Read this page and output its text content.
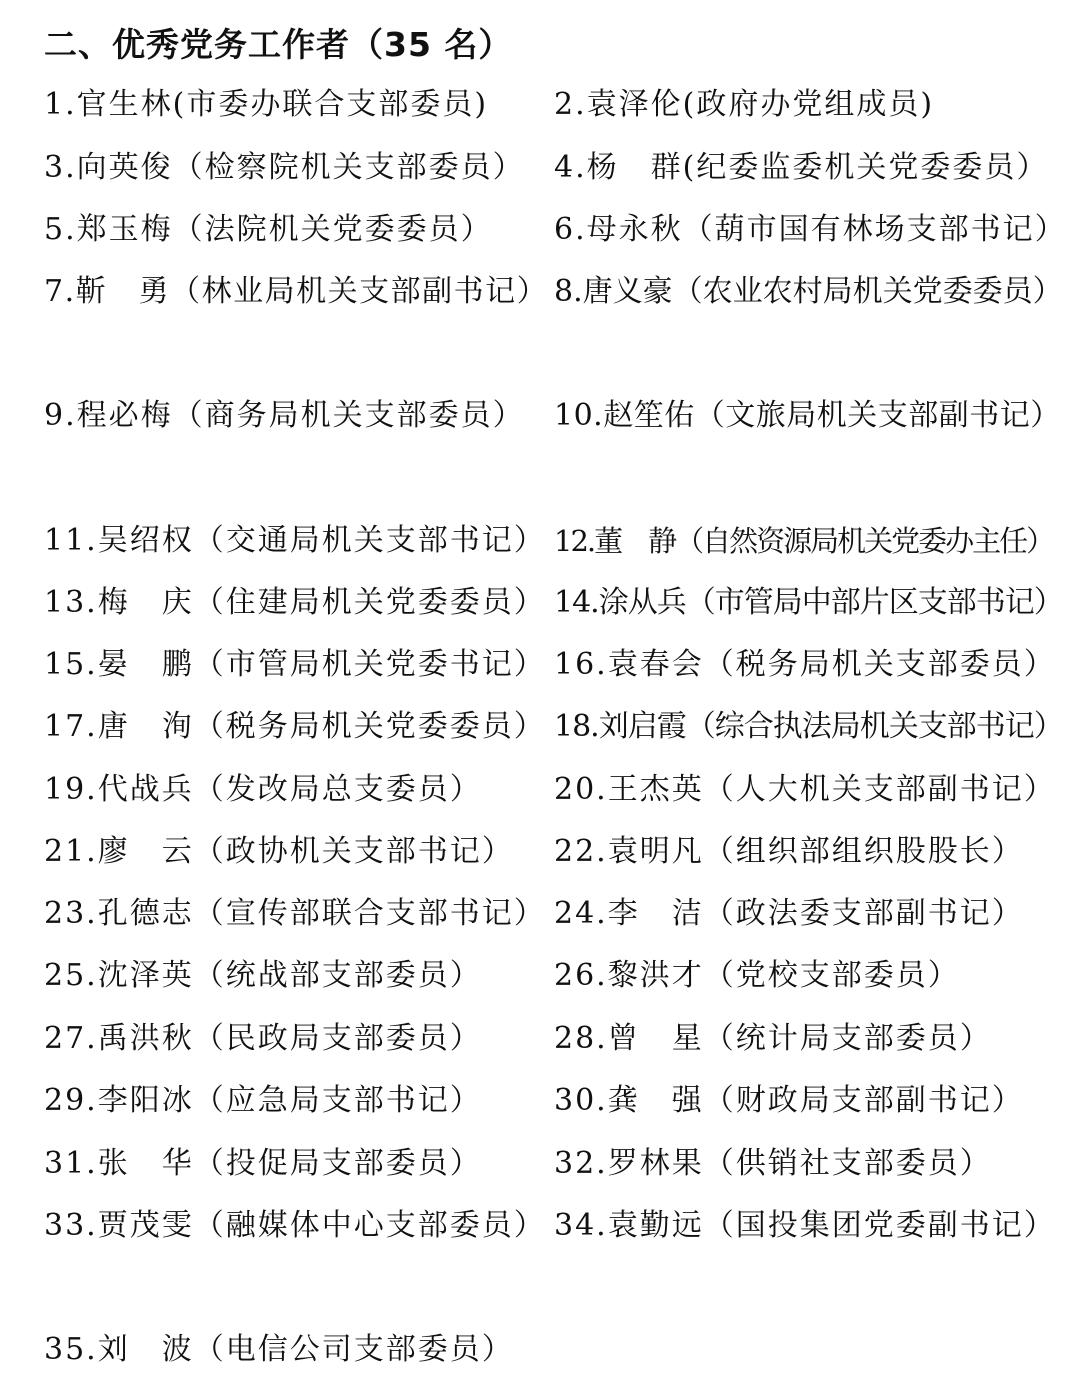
二、优秀党务工作者（35 名）
1.官生林(市委办联合支部委员)	2.袁泽伦(政府办党组成员)
3.向英俊（检察院机关支部委员） 4.杨　群(纪委监委机关党委委员）
5.郑玉梅（法院机关党委委员）	6.母永秋（葫市国有林场支部书记）
7.靳　勇（林业局机关支部副书记） 8.唐义豪（农业农村局机关党委委员）
9.程必梅（商务局机关支部委员） 10.赵笙佑（文旅局机关支部副书记）
11.吴绍权（交通局机关支部书记） 12.董　静（自然资源局机关党委办主任）
13.梅　庆（住建局机关党委委员） 14.涂从兵（市管局中部片区支部书记）
15.晏　鹏（市管局机关党委书记） 16.袁春会（税务局机关支部委员）
17.唐　洵（税务局机关党委委员） 18.刘启霞（综合执法局机关支部书记）
19.代战兵（发改局总支委员）	20.王杰英（人大机关支部副书记）
21.廖　云（政协机关支部书记）	22.袁明凡（组织部组织股股长）
23.孔德志（宣传部联合支部书记） 24.李　洁（政法委支部副书记）
25.沈泽英（统战部支部委员）	26.黎洪才（党校支部委员）
27.禹洪秋（民政局支部委员）	28.曾　星（统计局支部委员）
29.李阳冰（应急局支部书记）	30.龚　强（财政局支部副书记）
31.张　华（投促局支部委员）	32.罗林果（供销社支部委员）
33.贾茂雯（融媒体中心支部委员） 34.袁勤远（国投集团党委副书记）
35.刘　波（电信公司支部委员）
